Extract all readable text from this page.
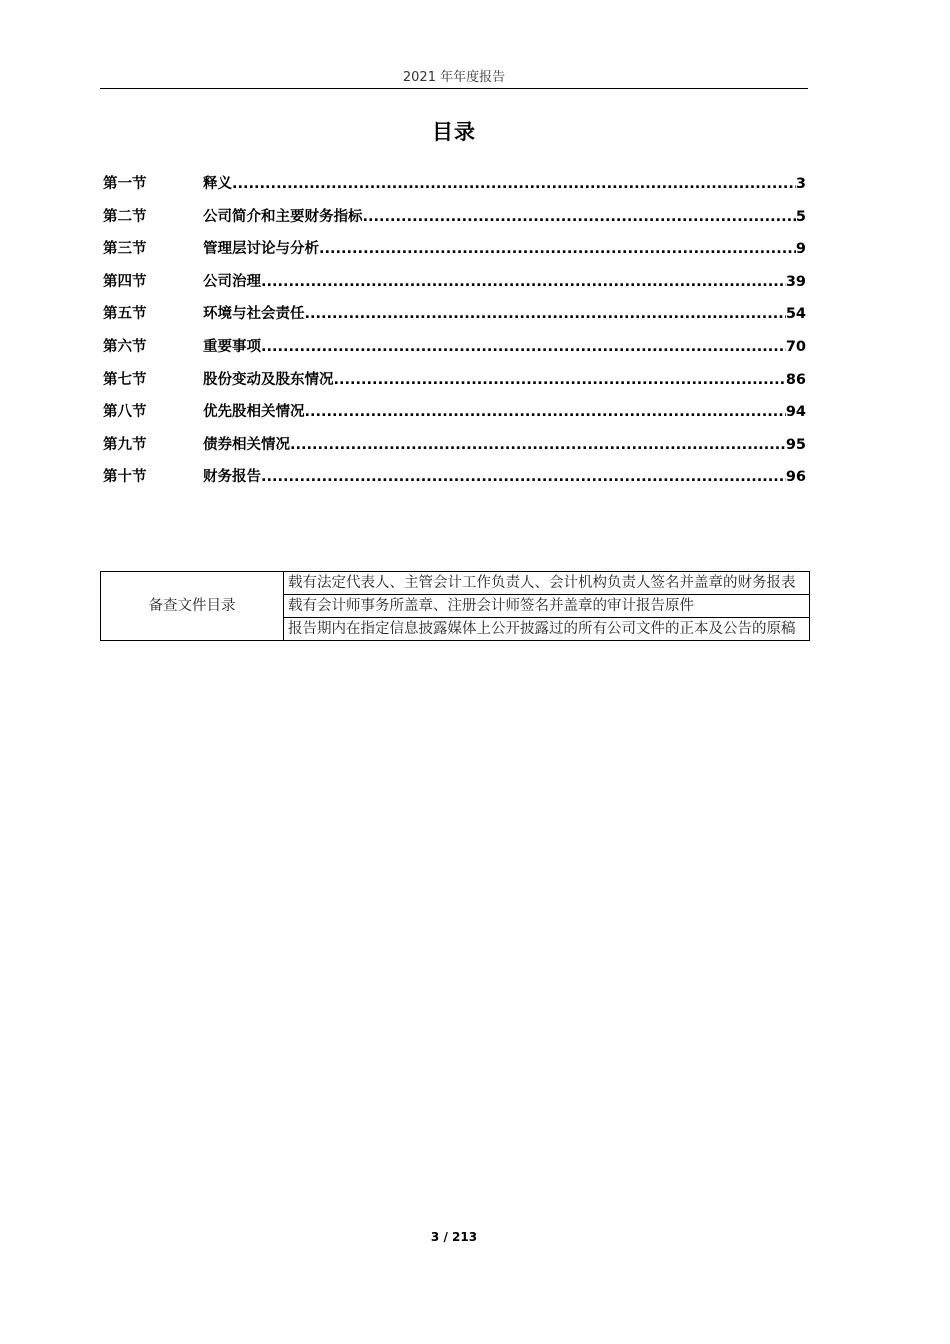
2021 年年度报告
目录
第一节	释义 .....	3
第二节	公司简介和主要财务指标 .....	5
第三节	管理层讨论与分析 .....	9
第四节	公司治理 .....	39
第五节	环境与社会责任 .....	54
第六节	重要事项 .....	70
第七节	股份变动及股东情况 .....	86
第八节	优先股相关情况 .....	94
第九节	债券相关情况 .....	95
第十节	财务报告 .....	96
备查文件目录	载有法定代表人、主管会计工作负责人、会计机构负责人签名并盖章的财务报表
载有会计师事务所盖章、注册会计师签名并盖章的审计报告原件
报告期内在指定信息披露媒体上公开披露过的所有公司文件的正本及公告的原稿
3 / 213
